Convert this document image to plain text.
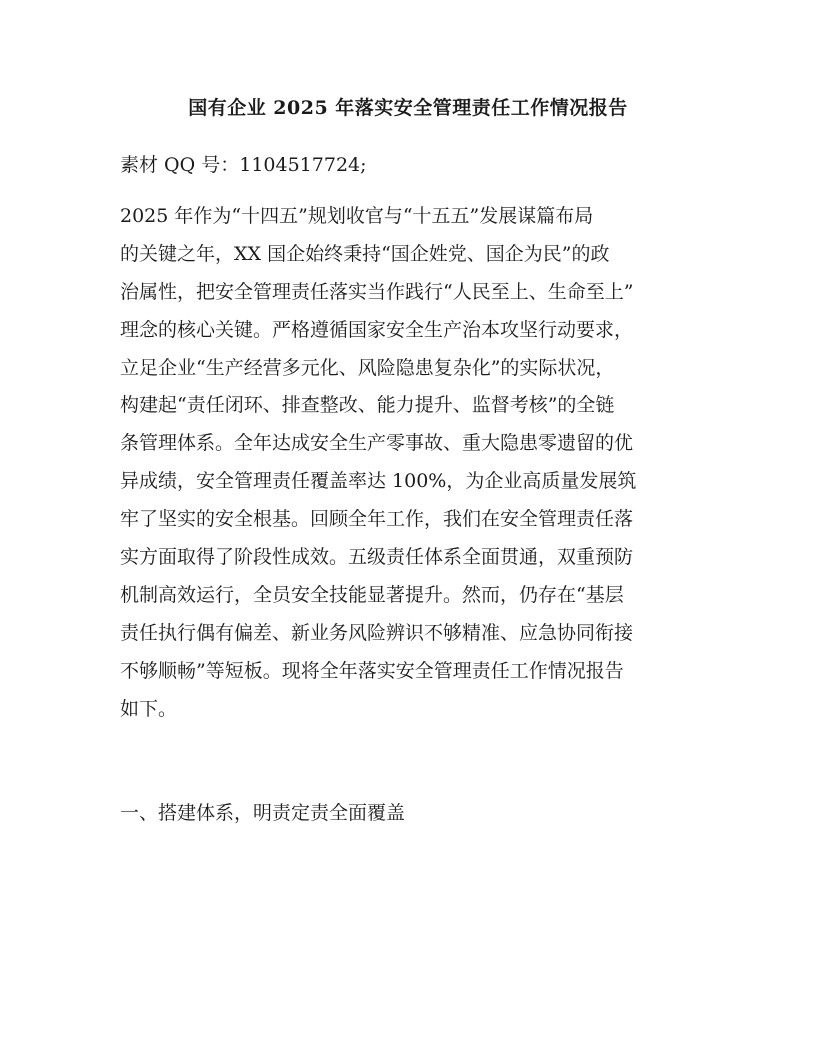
国有企业 2025 年落实安全管理责任工作情况报告
素材 QQ 号：1104517724;
2025 年作为“十四五”规划收官与“十五五”发展谋篇布局
的关键之年，XX 国企始终秉持“国企姓党、国企为民”的政
治属性，把安全管理责任落实当作践行“人民至上、生命至上”
理念的核心关键。严格遵循国家安全生产治本攻坚行动要求，
立足企业“生产经营多元化、风险隐患复杂化”的实际状况，
构建起“责任闭环、排查整改、能力提升、监督考核”的全链
条管理体系。全年达成安全生产零事故、重大隐患零遗留的优
异成绩，安全管理责任覆盖率达 100%，为企业高质量发展筑
牢了坚实的安全根基。回顾全年工作，我们在安全管理责任落
实方面取得了阶段性成效。五级责任体系全面贯通，双重预防
机制高效运行，全员安全技能显著提升。然而，仍存在“基层
责任执行偶有偏差、新业务风险辨识不够精准、应急协同衔接
不够顺畅”等短板。现将全年落实安全管理责任工作情况报告
如下。
一、搭建体系，明责定责全面覆盖
